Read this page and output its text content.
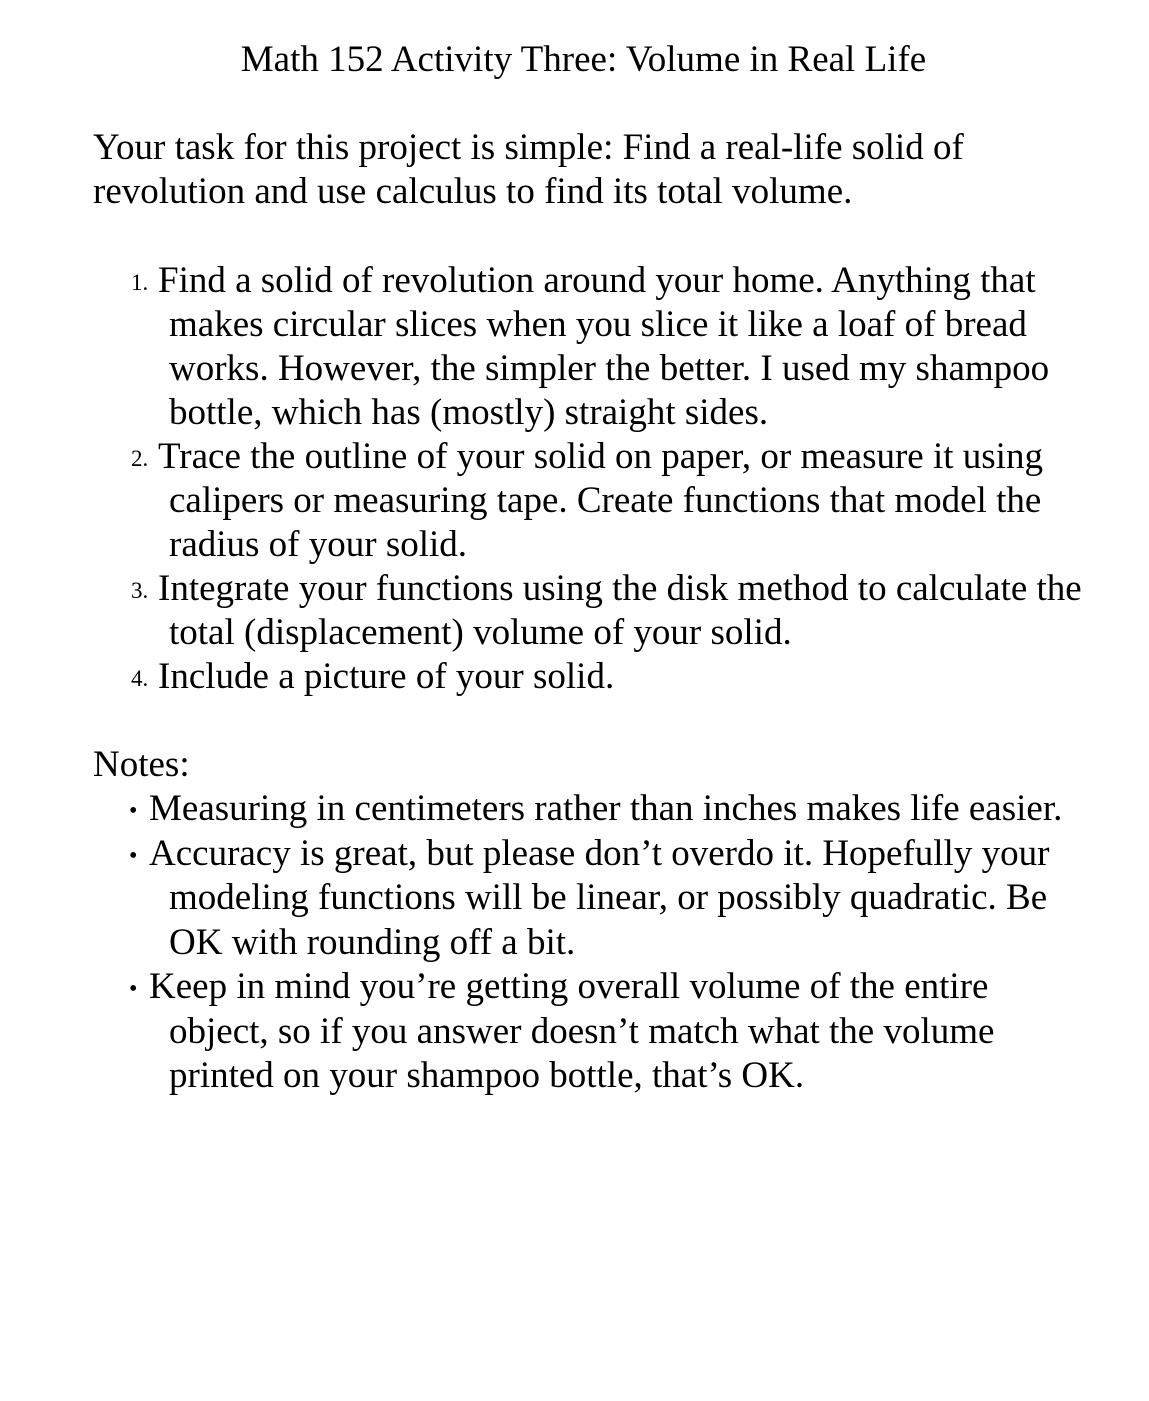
Math 152 Activity Three: Volume in Real Life

Your task for this project is simple: Find a real-life solid of revolution and use calculus to find its total volume.

1. Find a solid of revolution around your home. Anything that makes circular slices when you slice it like a loaf of bread works. However, the simpler the better. I used my shampoo bottle, which has (mostly) straight sides.
2. Trace the outline of your solid on paper, or measure it using calipers or measuring tape. Create functions that model the radius of your solid.
3. Integrate your functions using the disk method to calculate the total (displacement) volume of your solid.
4. Include a picture of your solid.

Notes:

• Measuring in centimeters rather than inches makes life easier.
• Accuracy is great, but please don’t overdo it. Hopefully your modeling functions will be linear, or possibly quadratic. Be OK with rounding off a bit.
• Keep in mind you’re getting overall volume of the entire object, so if you answer doesn’t match what the volume printed on your shampoo bottle, that’s OK.
